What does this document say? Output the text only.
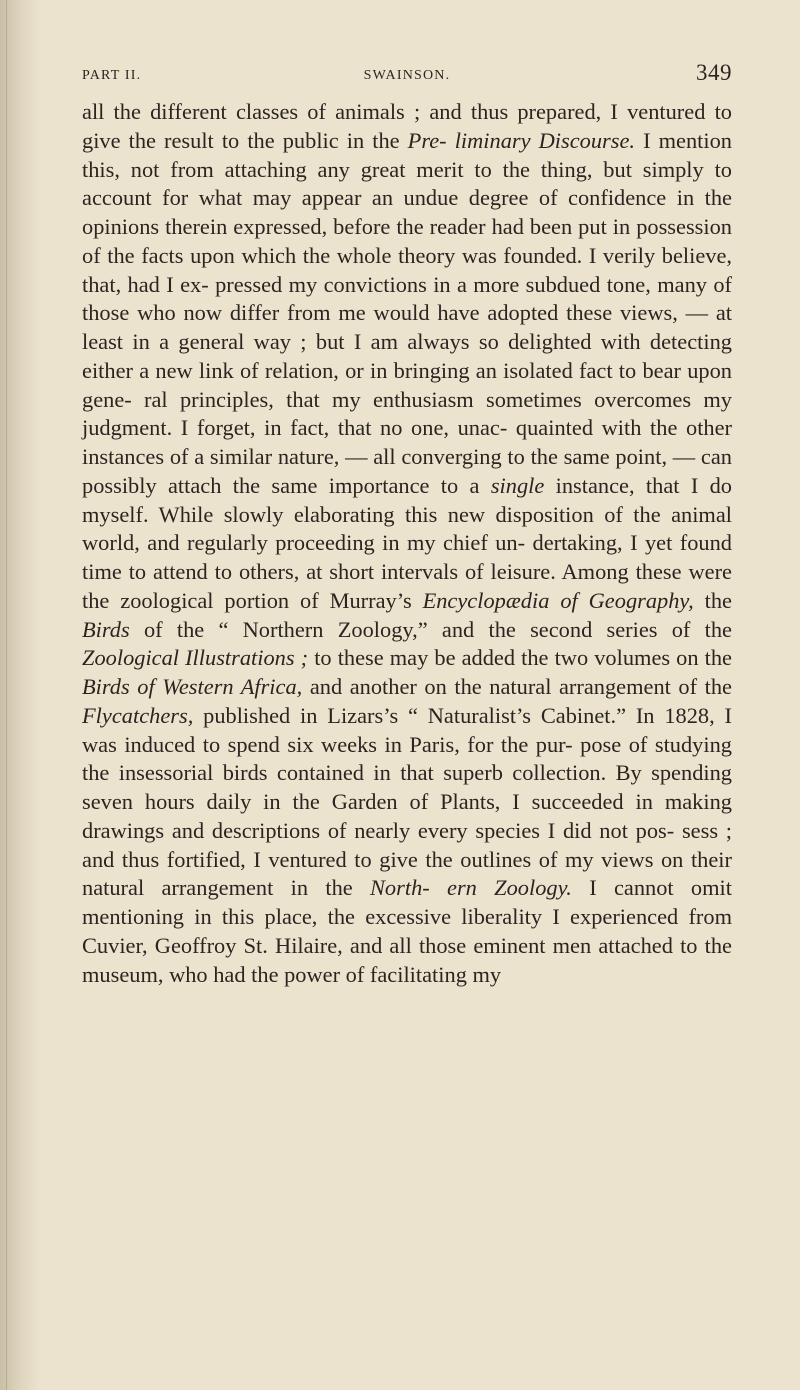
PART II.	SWAINSON.	349

all the different classes of animals ; and thus prepared, I ventured to give the result to the public in the Pre- liminary Discourse. I mention this, not from attaching any great merit to the thing, but simply to account for what may appear an undue degree of confidence in the opinions therein expressed, before the reader had been put in possession of the facts upon which the whole theory was founded. I verily believe, that, had I ex- pressed my convictions in a more subdued tone, many of those who now differ from me would have adopted these views, — at least in a general way ; but I am always so delighted with detecting either a new link of relation, or in bringing an isolated fact to bear upon gene- ral principles, that my enthusiasm sometimes overcomes my judgment. I forget, in fact, that no one, unac- quainted with the other instances of a similar nature, — all converging to the same point, — can possibly attach the same importance to a single instance, that I do myself. While slowly elaborating this new disposition of the animal world, and regularly proceeding in my chief un- dertaking, I yet found time to attend to others, at short intervals of leisure. Among these were the zoological portion of Murray’s Encyclopædia of Geography, the Birds of the “ Northern Zoology,” and the second series of the Zoological Illustrations ; to these may be added the two volumes on the Birds of Western Africa, and another on the natural arrangement of the Flycatchers, published in Lizars’s “ Naturalist’s Cabinet.” In 1828, I was induced to spend six weeks in Paris, for the pur- pose of studying the insessorial birds contained in that superb collection. By spending seven hours daily in the Garden of Plants, I succeeded in making drawings and descriptions of nearly every species I did not pos- sess ; and thus fortified, I ventured to give the outlines of my views on their natural arrangement in the North- ern Zoology. I cannot omit mentioning in this place, the excessive liberality I experienced from Cuvier, Geoffroy St. Hilaire, and all those eminent men attached to the museum, who had the power of facilitating my
